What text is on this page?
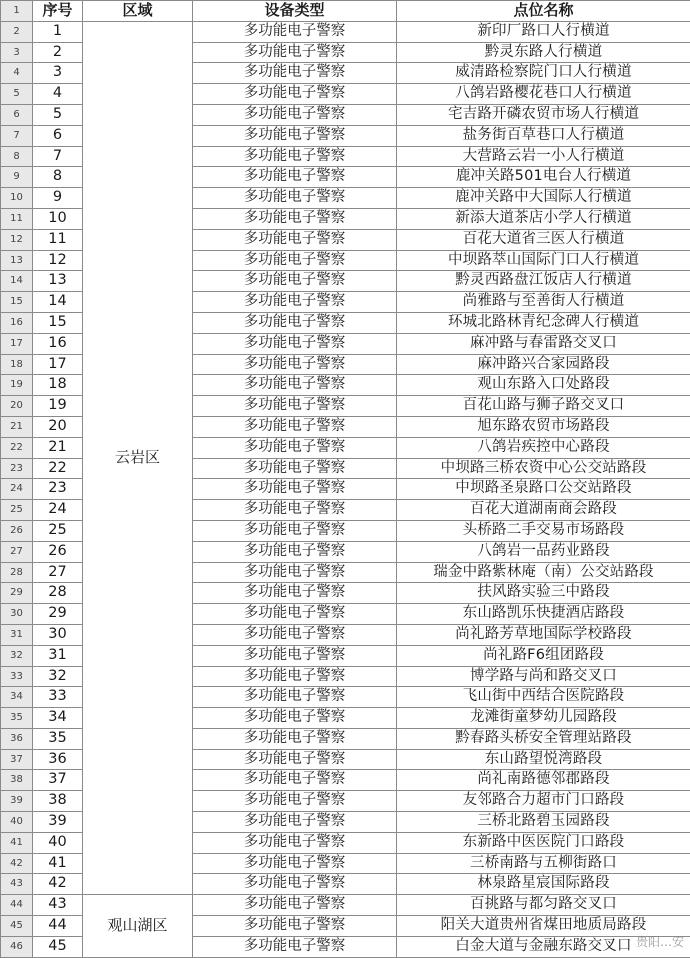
1	序号	区域	设备类型	点位名称
2	1	云岩区	多功能电子警察	新印厂路口人行横道
3	2		多功能电子警察	黔灵东路人行横道
4	3		多功能电子警察	威清路检察院门口人行横道
5	4		多功能电子警察	八鸽岩路樱花巷口人行横道
6	5		多功能电子警察	宅吉路开磷农贸市场人行横道
7	6		多功能电子警察	盐务街百草巷口人行横道
8	7		多功能电子警察	大营路云岩一小人行横道
9	8		多功能电子警察	鹿冲关路501电台人行横道
10	9		多功能电子警察	鹿冲关路中大国际人行横道
11	10		多功能电子警察	新添大道茶店小学人行横道
12	11		多功能电子警察	百花大道省三医人行横道
13	12		多功能电子警察	中坝路萃山国际门口人行横道
14	13		多功能电子警察	黔灵西路盘江饭店人行横道
15	14		多功能电子警察	尚雅路与至善街人行横道
16	15		多功能电子警察	环城北路林青纪念碑人行横道
17	16		多功能电子警察	麻冲路与春雷路交叉口
18	17		多功能电子警察	麻冲路兴合家园路段
19	18		多功能电子警察	观山东路入口处路段
20	19		多功能电子警察	百花山路与狮子路交叉口
21	20		多功能电子警察	旭东路农贸市场路段
22	21		多功能电子警察	八鸽岩疾控中心路段
23	22		多功能电子警察	中坝路三桥农资中心公交站路段
24	23		多功能电子警察	中坝路圣泉路口公交站路段
25	24		多功能电子警察	百花大道湖南商会路段
26	25		多功能电子警察	头桥路二手交易市场路段
27	26		多功能电子警察	八鸽岩一品药业路段
28	27		多功能电子警察	瑞金中路紫林庵（南）公交站路段
29	28		多功能电子警察	扶风路实验三中路段
30	29		多功能电子警察	东山路凯乐快捷酒店路段
31	30		多功能电子警察	尚礼路芳草地国际学校路段
32	31		多功能电子警察	尚礼路F6组团路段
33	32		多功能电子警察	博学路与尚和路交叉口
34	33		多功能电子警察	飞山街中西结合医院路段
35	34		多功能电子警察	龙滩街童梦幼儿园路段
36	35		多功能电子警察	黔春路头桥安全管理站路段
37	36		多功能电子警察	东山路望悦湾路段
38	37		多功能电子警察	尚礼南路德邻郡路段
39	38		多功能电子警察	友邻路合力超市门口路段
40	39		多功能电子警察	三桥北路碧玉园路段
41	40		多功能电子警察	东新路中医医院门口路段
42	41		多功能电子警察	三桥南路与五柳街路口
43	42		多功能电子警察	林泉路星宸国际路段
44	43	观山湖区	多功能电子警察	百挑路与都匀路交叉口
45	44		多功能电子警察	阳关大道贵州省煤田地质局路段
46	45		多功能电子警察	白金大道与金融东路交叉口 贵阳…安
